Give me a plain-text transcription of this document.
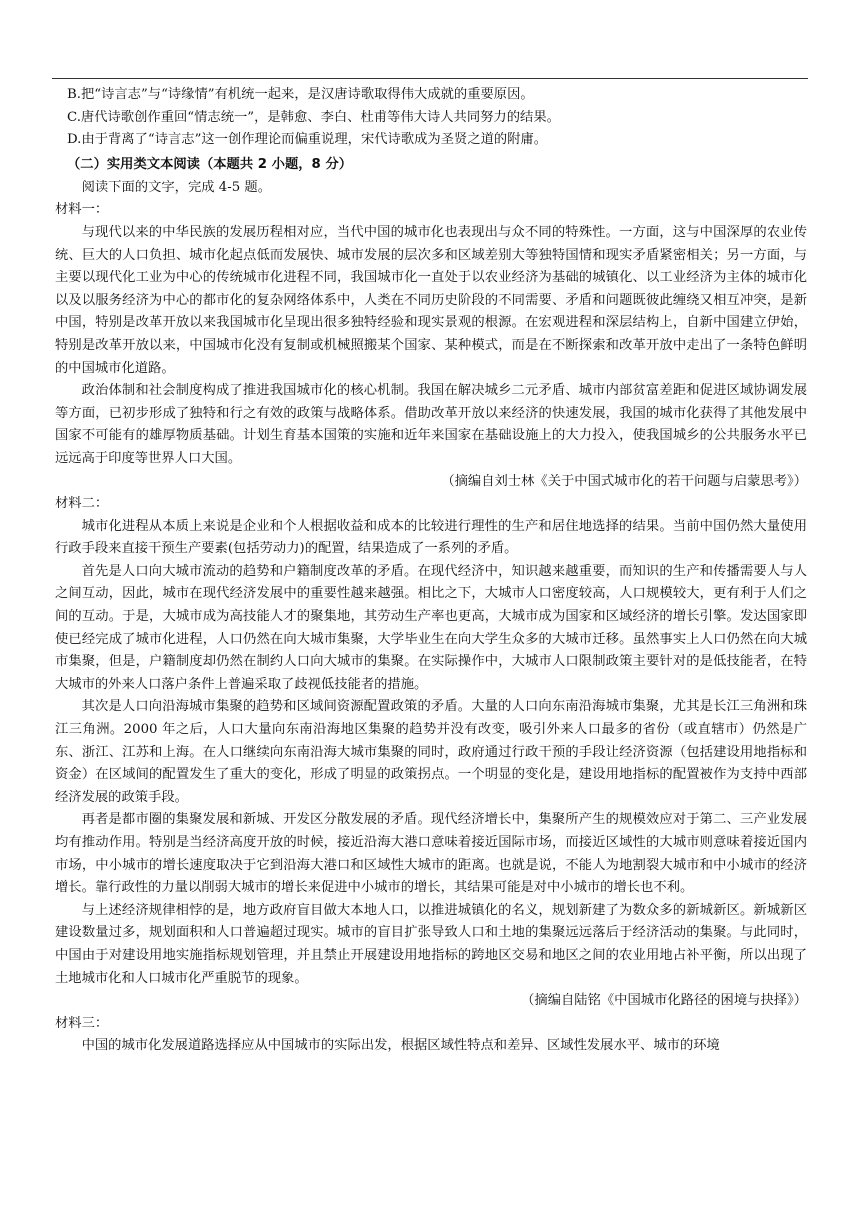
B.把“诗言志”与“诗缘情”有机统一起来，是汉唐诗歌取得伟大成就的重要原因。

C.唐代诗歌创作重回“情志统一”，是韩愈、李白、杜甫等伟大诗人共同努力的结果。

D.由于背离了“诗言志”这一创作理论而偏重说理，宋代诗歌成为圣贤之道的附庸。

（二）实用类文本阅读（本题共 2 小题，8 分）

阅读下面的文字，完成 4-5 题。

材料一：

与现代以来的中华民族的发展历程相对应，当代中国的城市化也表现出与众不同的特殊性。一方面，这与中国深厚的农业传统、巨大的人口负担、城市化起点低而发展快、城市发展的层次多和区域差别大等独特国情和现实矛盾紧密相关；另一方面，与主要以现代化工业为中心的传统城市化进程不同，我国城市化一直处于以农业经济为基础的城镇化、以工业经济为主体的城市化以及以服务经济为中心的都市化的复杂网络体系中，人类在不同历史阶段的不同需要、矛盾和问题既彼此缠绕又相互冲突，是新中国，特别是改革开放以来我国城市化呈现出很多独特经验和现实景观的根源。在宏观进程和深层结构上，自新中国建立伊始，特别是改革开放以来，中国城市化没有复制或机械照搬某个国家、某种模式，而是在不断探索和改革开放中走出了一条特色鲜明的中国城市化道路。

政治体制和社会制度构成了推进我国城市化的核心机制。我国在解决城乡二元矛盾、城市内部贫富差距和促进区域协调发展等方面，已初步形成了独特和行之有效的政策与战略体系。借助改革开放以来经济的快速发展，我国的城市化获得了其他发展中国家不可能有的雄厚物质基础。计划生育基本国策的实施和近年来国家在基础设施上的大力投入，使我国城乡的公共服务水平已远远高于印度等世界人口大国。

（摘编自刘士林《关于中国式城市化的若干问题与启蒙思考》）

材料二：

城市化进程从本质上来说是企业和个人根据收益和成本的比较进行理性的生产和居住地选择的结果。当前中国仍然大量使用行政手段来直接干预生产要素(包括劳动力)的配置，结果造成了一系列的矛盾。

首先是人口向大城市流动的趋势和户籍制度改革的矛盾。在现代经济中，知识越来越重要，而知识的生产和传播需要人与人之间互动，因此，城市在现代经济发展中的重要性越来越强。相比之下，大城市人口密度较高，人口规模较大，更有利于人们之间的互动。于是，大城市成为高技能人才的聚集地，其劳动生产率也更高，大城市成为国家和区域经济的增长引擎。发达国家即使已经完成了城市化进程，人口仍然在向大城市集聚，大学毕业生在向大学生众多的大城市迁移。虽然事实上人口仍然在向大城市集聚，但是，户籍制度却仍然在制约人口向大城市的集聚。在实际操作中，大城市人口限制政策主要针对的是低技能者，在特大城市的外来人口落户条件上普遍采取了歧视低技能者的措施。

其次是人口向沿海城市集聚的趋势和区域间资源配置政策的矛盾。大量的人口向东南沿海城市集聚，尤其是长江三角洲和珠江三角洲。2000 年之后，人口大量向东南沿海地区集聚的趋势并没有改变，吸引外来人口最多的省份（或直辖市）仍然是广东、浙江、江苏和上海。在人口继续向东南沿海大城市集聚的同时，政府通过行政干预的手段让经济资源（包括建设用地指标和资金）在区域间的配置发生了重大的变化，形成了明显的政策拐点。一个明显的变化是，建设用地指标的配置被作为支持中西部经济发展的政策手段。

再者是都市圈的集聚发展和新城、开发区分散发展的矛盾。现代经济增长中，集聚所产生的规模效应对于第二、三产业发展均有推动作用。特别是当经济高度开放的时候，接近沿海大港口意味着接近国际市场，而接近区域性的大城市则意味着接近国内市场，中小城市的增长速度取决于它到沿海大港口和区域性大城市的距离。也就是说，不能人为地割裂大城市和中小城市的经济增长。靠行政性的力量以削弱大城市的增长来促进中小城市的增长，其结果可能是对中小城市的增长也不利。

与上述经济规律相悖的是，地方政府盲目做大本地人口，以推进城镇化的名义，规划新建了为数众多的新城新区。新城新区建设数量过多，规划面积和人口普遍超过现实。城市的盲目扩张导致人口和土地的集聚远远落后于经济活动的集聚。与此同时，中国由于对建设用地实施指标规划管理，并且禁止开展建设用地指标的跨地区交易和地区之间的农业用地占补平衡，所以出现了土地城市化和人口城市化严重脱节的现象。

（摘编自陆铭《中国城市化路径的困境与抉择》）

材料三：

中国的城市化发展道路选择应从中国城市的实际出发，根据区域性特点和差异、区域性发展水平、城市的环境
